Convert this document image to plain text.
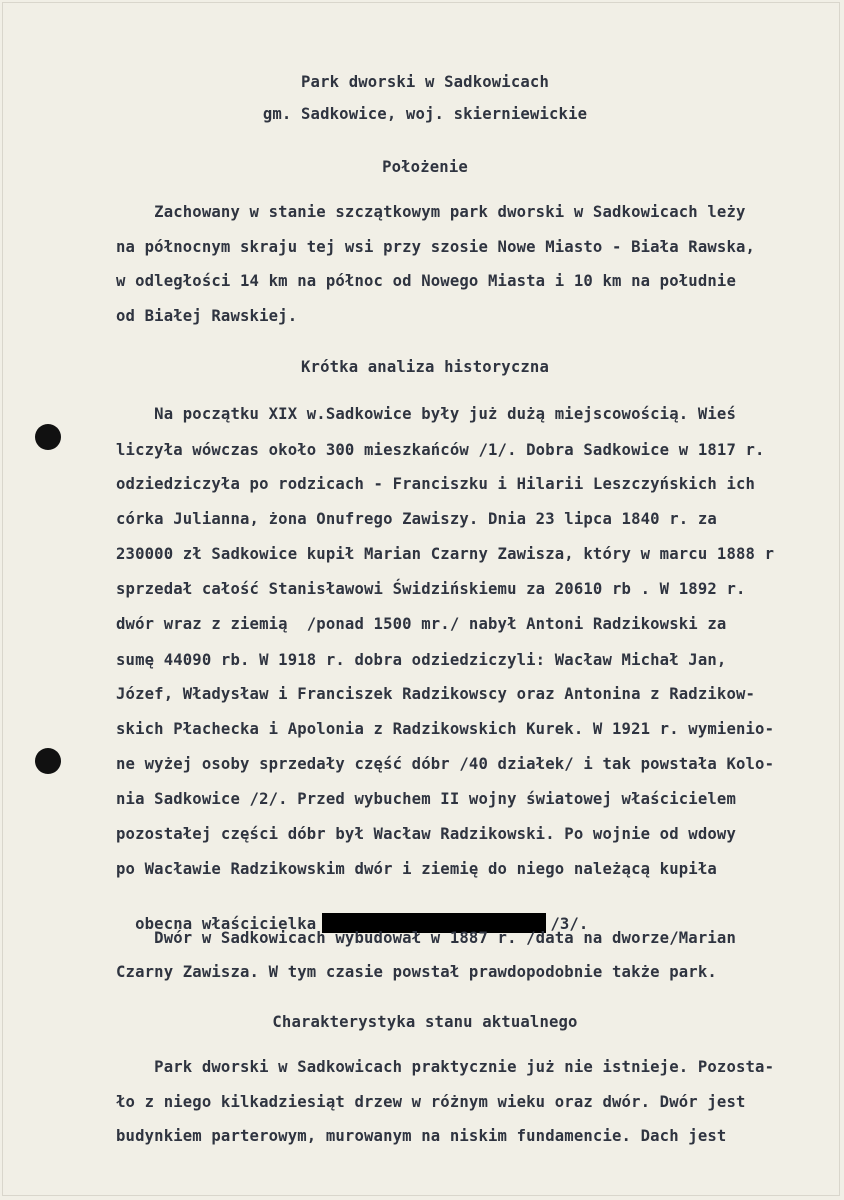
Park dworski w Sadkowicach
gm. Sadkowice, woj. skierniewickie
Położenie
Zachowany w stanie szczątkowym park dworski w Sadkowicach leży
na północnym skraju tej wsi przy szosie Nowe Miasto - Biała Rawska,
w odległości 14 km na północ od Nowego Miasta i 10 km na południe
od Białej Rawskiej.
Krótka analiza historyczna
Na początku XIX w.Sadkowice były już dużą miejscowością. Wieś
liczyła wówczas około 300 mieszkańców /1/. Dobra Sadkowice w 1817 r.
odziedziczyła po rodzicach - Franciszku i Hilarii Leszczyńskich ich
córka Julianna, żona Onufrego Zawiszy. Dnia 23 lipca 1840 r. za
230000 zł Sadkowice kupił Marian Czarny Zawisza, który w marcu 1888 r
sprzedał całość Stanisławowi Świdzińskiemu za 20610 rb . W 1892 r.
dwór wraz z ziemią  /ponad 1500 mr./ nabył Antoni Radzikowski za
sumę 44090 rb. W 1918 r. dobra odziedziczyli: Wacław Michał Jan,
Józef, Władysław i Franciszek Radzikowscy oraz Antonina z Radzikow-
skich Płachecka i Apolonia z Radzikowskich Kurek. W 1921 r. wymienio-
ne wyżej osoby sprzedały część dóbr /40 działek/ i tak powstała Kolo-
nia Sadkowice /2/. Przed wybuchem II wojny światowej właścicielem
pozostałej części dóbr był Wacław Radzikowski. Po wojnie od wdowy
po Wacławie Radzikowskim dwór i ziemię do niego należącą kupiła

obecna właścicielka	/3/.

Dwór w Sadkowicach wybudował w 1887 r. /data na dworze/Marian
Czarny Zawisza. W tym czasie powstał prawdopodobnie także park.
Charakterystyka stanu aktualnego
Park dworski w Sadkowicach praktycznie już nie istnieje. Pozosta-
ło z niego kilkadziesiąt drzew w różnym wieku oraz dwór. Dwór jest
budynkiem parterowym, murowanym na niskim fundamencie. Dach jest
